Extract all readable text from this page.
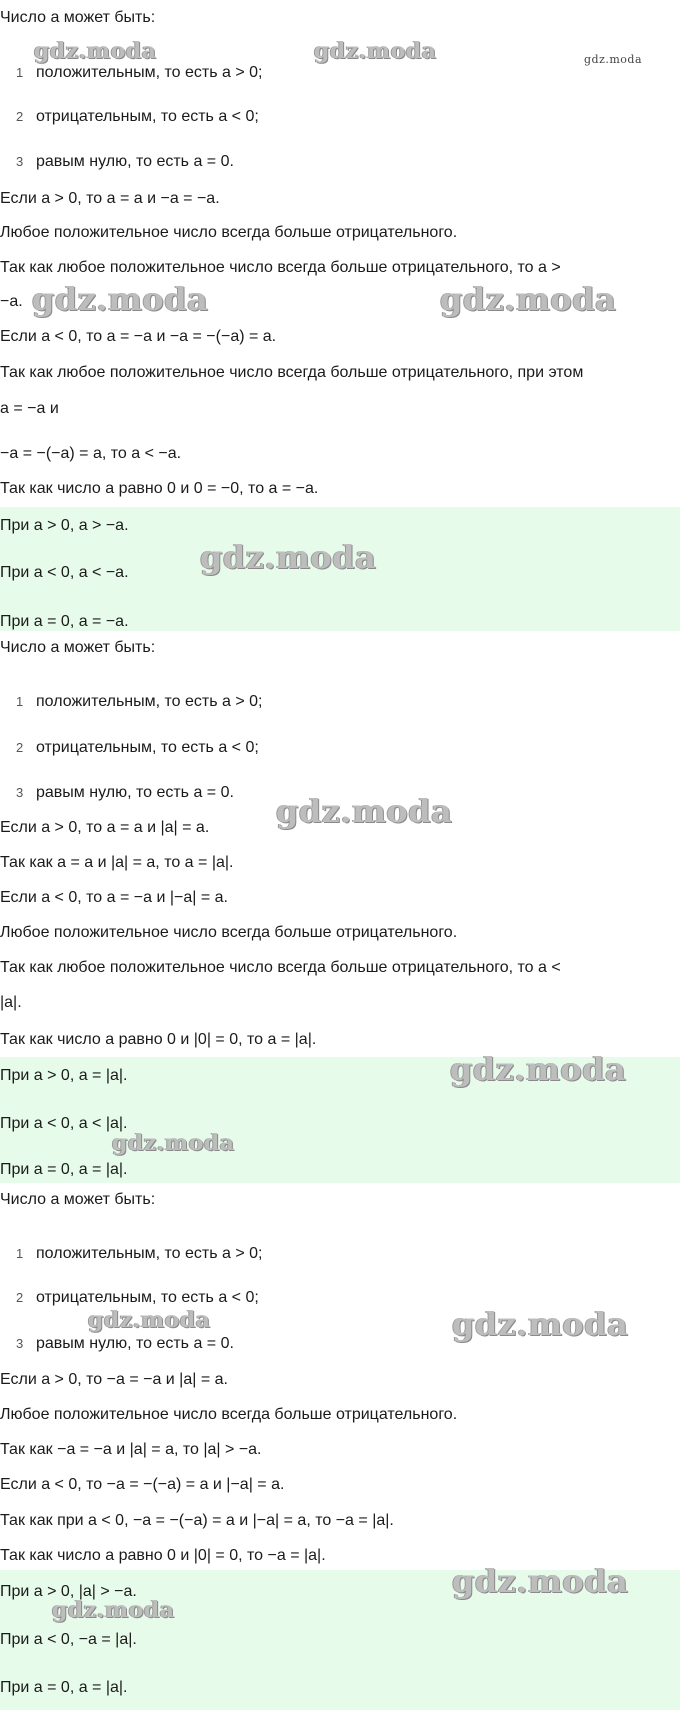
Число a может быть:
1 положительным, то есть a > 0;
2 отрицательным, то есть a < 0;
3 равым нулю, то есть a = 0.
Если a > 0, то a = a и −a = −a.
Любое положительное число всегда больше отрицательного.
Так как любое положительное число всегда больше отрицательного, то a >
−a.
Если a < 0, то a = −a и −a = −(−a) = a.
Так как любое положительное число всегда больше отрицательного, при этом
a = −a и
−a = −(−a) = a, то a < −a.
Так как число a равно 0 и 0 = −0, то a = −a.
При a > 0, a > −a.
При a < 0, a < −a.
При a = 0, a = −a.
Число a может быть:
1 положительным, то есть a > 0;
2 отрицательным, то есть a < 0;
3 равым нулю, то есть a = 0.
Если a > 0, то a = a и |a| = a.
Так как a = a и |a| = a, то a = |a|.
Если a < 0, то a = −a и |−a| = a.
Любое положительное число всегда больше отрицательного.
Так как любое положительное число всегда больше отрицательного, то a <
|a|.
Так как число a равно 0 и |0| = 0, то a = |a|.
При a > 0, a = |a|.
При a < 0, a < |a|.
При a = 0, a = |a|.
Число a может быть:
1 положительным, то есть a > 0;
2 отрицательным, то есть a < 0;
3 равым нулю, то есть a = 0.
Если a > 0, то −a = −a и |a| = a.
Любое положительное число всегда больше отрицательного.
Так как −a = −a и |a| = a, то |a| > −a.
Если a < 0, то −a = −(−a) = a и |−a| = a.
Так как при a < 0, −a = −(−a) = a и |−a| = a, то −a = |a|.
Так как число a равно 0 и |0| = 0, то −a = |a|.
При a > 0, |a| > −a.
При a < 0, −a = |a|.
При a = 0, a = |a|.
gdz.moda	gdz.moda	gdz.moda
gdz.moda	gdz.moda
gdz.moda
gdz.moda
gdz.moda
gdz.moda
gdz.moda	gdz.moda
gdz.moda
gdz.moda
